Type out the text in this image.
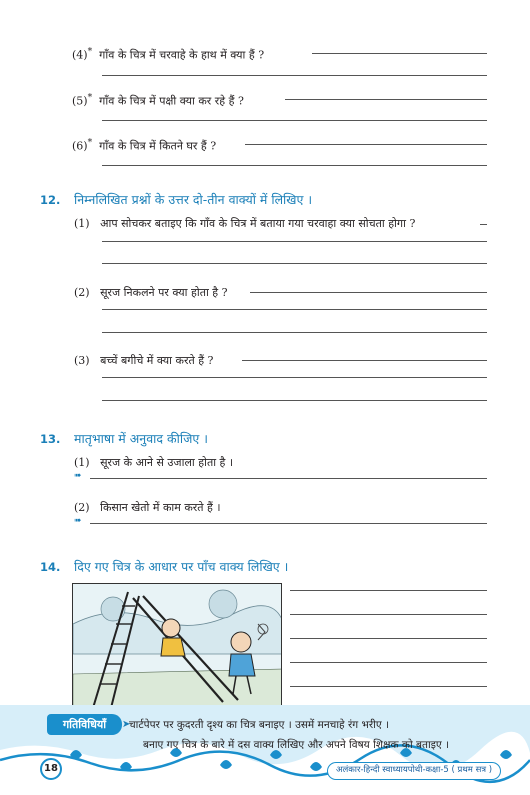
(4)* गाँव के चित्र में चरवाहे के हाथ में क्या हैं ?
(5)* गाँव के चित्र में पक्षी क्या कर रहे हैं ?
(6)* गाँव के चित्र में कितने घर हैं ?
12. निम्नलिखित प्रश्नों के उत्तर दो-तीन वाक्यों में लिखिए ।
(1) आप सोचकर बताइए कि गाँव के चित्र में बताया गया चरवाहा क्या सोचता होगा ?
(2) सूरज निकलने पर क्या होता है ?
(3) बच्चें बगीचे में क्या करते हैं ?
13. मातृभाषा में अनुवाद कीजिए ।
(1) सूरज के आने से उजाला होता है ।
➠
(2) किसान खेतो में काम करते हैं ।
➠
14. दिए गए चित्र के आधार पर पाँच वाक्य लिखिए ।
गतिविधियाँ	➤
चार्टपेपर पर कुदरती दृश्य का चित्र बनाइए । उसमें मनचाहे रंग भरीए ।
बनाए गए चित्र के बारे में दस वाक्य लिखिए और अपने विषय शिक्षक को बताइए ।
18	अलंकार-हिन्दी स्वाध्यायपोथी-कक्षा-5 ( प्रथम सत्र )
